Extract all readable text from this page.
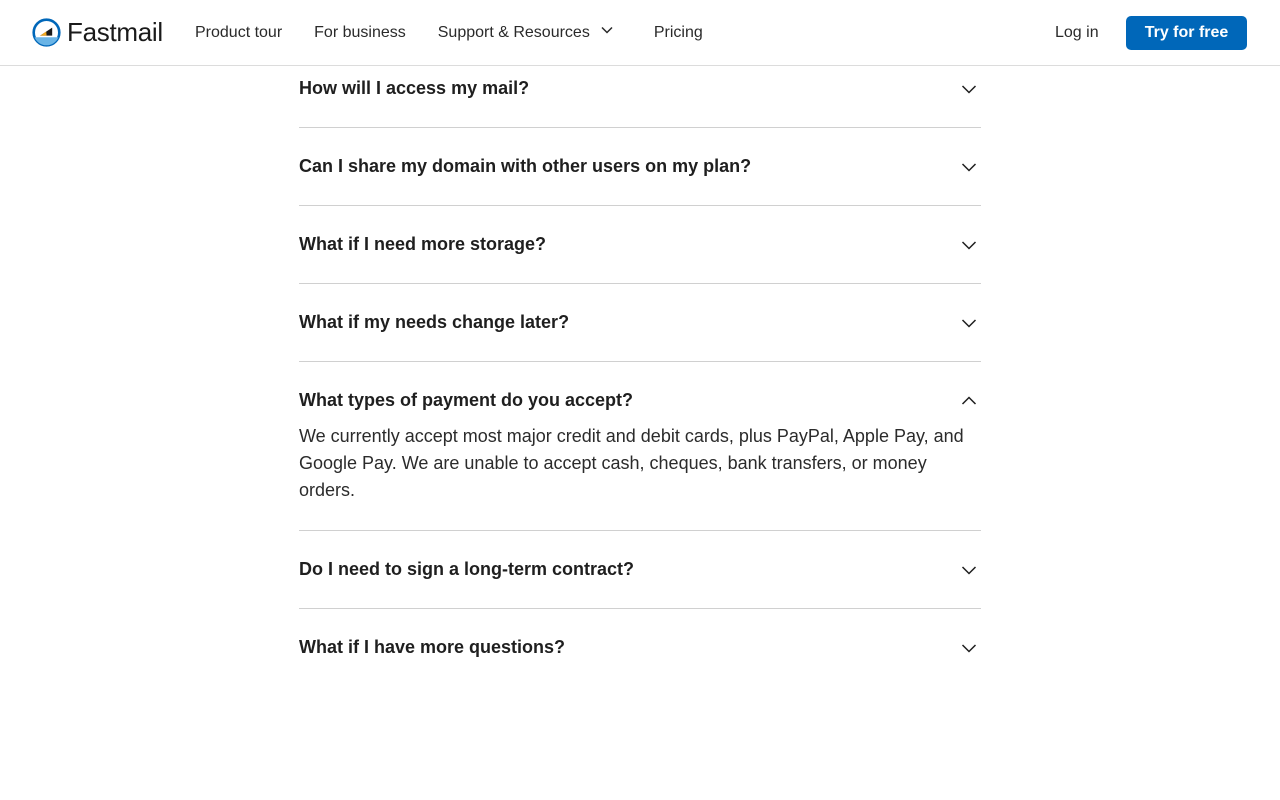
Fastmail Product tour For business Support & Resources	Pricing	Log in	Try for free
How will I access my mail?
Can I share my domain with other users on my plan?
What if I need more storage?
What if my needs change later?
What types of payment do you accept?
We currently accept most major credit and debit cards, plus PayPal, Apple Pay, and Google Pay. We are unable to accept cash, cheques, bank transfers, or money orders.
Do I need to sign a long-term contract?
What if I have more questions?
